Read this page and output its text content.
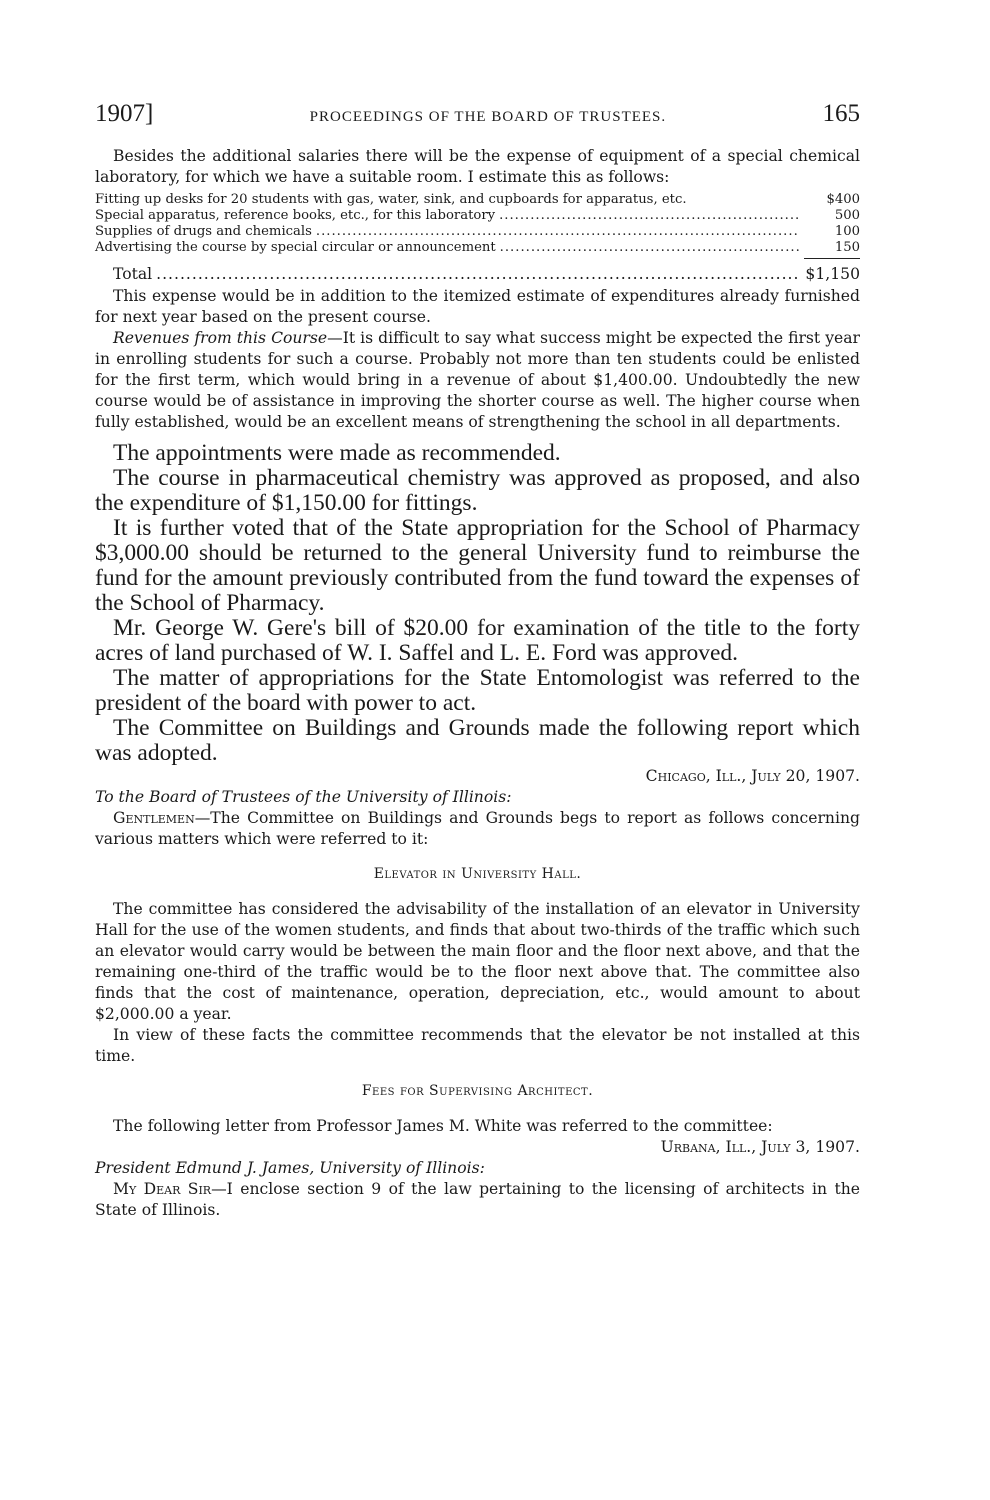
1907]	PROCEEDINGS OF THE BOARD OF TRUSTEES.	165

Besides the additional salaries there will be the expense of equipment of a special chemical laboratory, for which we have a suitable room. I estimate this as follows:

Fitting up desks for 20 students with gas, water, sink, and cupboards for apparatus, etc.	$400
Special apparatus, reference books, etc., for this laboratory .....	500
Supplies of drugs and chemicals .....	100
Advertising the course by special circular or announcement .....	150
Total .....	$1,150

This expense would be in addition to the itemized estimate of expenditures already furnished for next year based on the present course.

Revenues from this Course—It is difficult to say what success might be expected the first year in enrolling students for such a course. Probably not more than ten students could be enlisted for the first term, which would bring in a revenue of about $1,400.00. Undoubtedly the new course would be of assistance in improving the shorter course as well. The higher course when fully established, would be an excellent means of strengthening the school in all departments.

The appointments were made as recommended.

The course in pharmaceutical chemistry was approved as proposed, and also the expenditure of $1,150.00 for fittings.

It is further voted that of the State appropriation for the School of Pharmacy $3,000.00 should be returned to the general University fund to reimburse the fund for the amount previously contributed from the fund toward the expenses of the School of Pharmacy.

Mr. George W. Gere's bill of $20.00 for examination of the title to the forty acres of land purchased of W. I. Saffel and L. E. Ford was approved.

The matter of appropriations for the State Entomologist was referred to the president of the board with power to act.

The Committee on Buildings and Grounds made the following report which was adopted.

Chicago, Ill., July 20, 1907.

To the Board of Trustees of the University of Illinois:

Gentlemen—The Committee on Buildings and Grounds begs to report as follows concerning various matters which were referred to it:

Elevator in University Hall.

The committee has considered the advisability of the installation of an elevator in University Hall for the use of the women students, and finds that about two-thirds of the traffic which such an elevator would carry would be between the main floor and the floor next above, and that the remaining one-third of the traffic would be to the floor next above that. The committee also finds that the cost of maintenance, operation, depreciation, etc., would amount to about $2,000.00 a year.

In view of these facts the committee recommends that the elevator be not installed at this time.

Fees for Supervising Architect.

The following letter from Professor James M. White was referred to the committee:

Urbana, Ill., July 3, 1907.

President Edmund J. James, University of Illinois:

My Dear Sir—I enclose section 9 of the law pertaining to the licensing of architects in the State of Illinois.
